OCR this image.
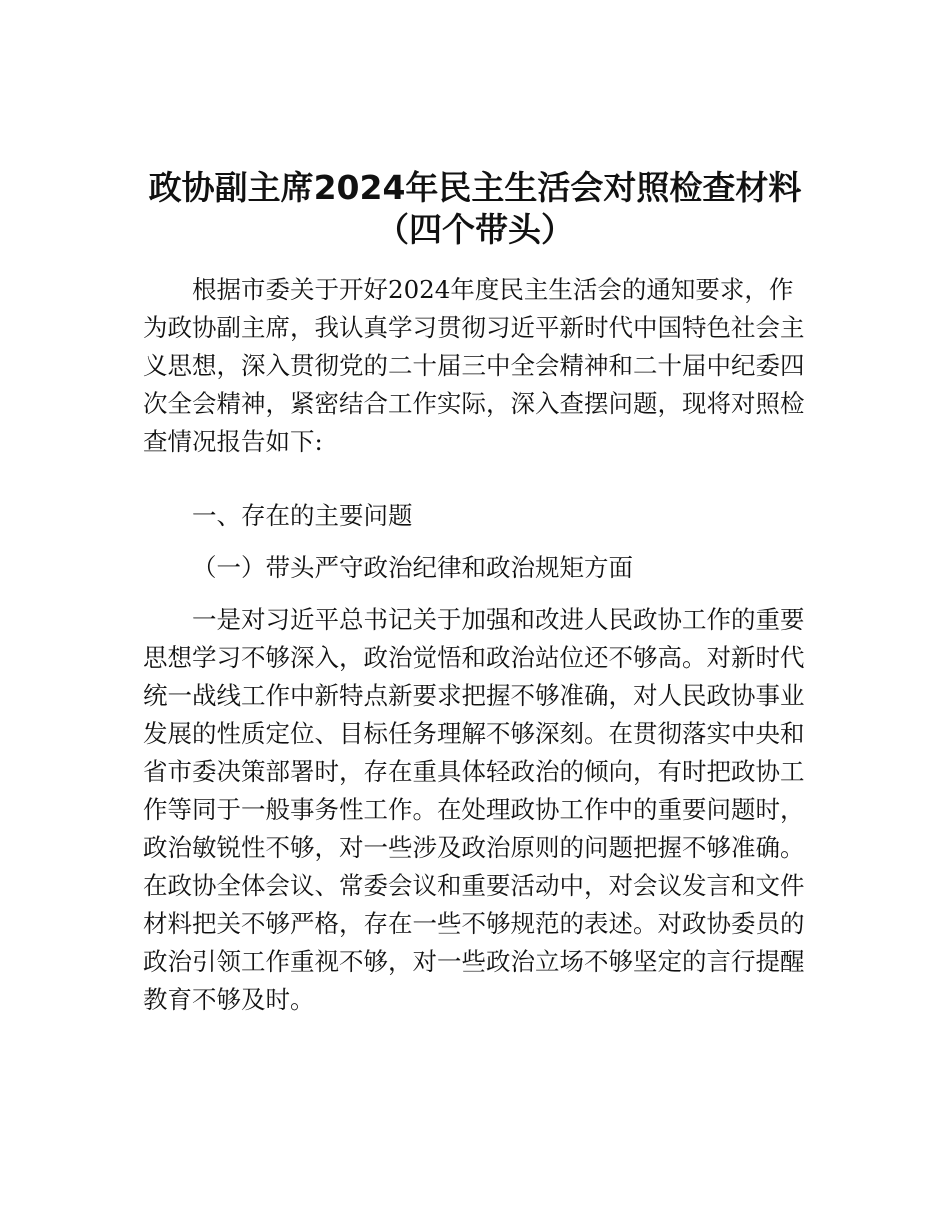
政协副主席2024年民主生活会对照检查材料
（四个带头）
根据市委关于开好2024年度民主生活会的通知要求，作
为政协副主席，我认真学习贯彻习近平新时代中国特色社会主
义思想，深入贯彻党的二十届三中全会精神和二十届中纪委四
次全会精神，紧密结合工作实际，深入查摆问题，现将对照检
查情况报告如下:
一、存在的主要问题
（一）带头严守政治纪律和政治规矩方面
一是对习近平总书记关于加强和改进人民政协工作的重要
思想学习不够深入，政治觉悟和政治站位还不够高。对新时代
统一战线工作中新特点新要求把握不够准确，对人民政协事业
发展的性质定位、目标任务理解不够深刻。在贯彻落实中央和
省市委决策部署时，存在重具体轻政治的倾向，有时把政协工
作等同于一般事务性工作。在处理政协工作中的重要问题时，
政治敏锐性不够，对一些涉及政治原则的问题把握不够准确。
在政协全体会议、常委会议和重要活动中，对会议发言和文件
材料把关不够严格，存在一些不够规范的表述。对政协委员的
政治引领工作重视不够，对一些政治立场不够坚定的言行提醒
教育不够及时。
